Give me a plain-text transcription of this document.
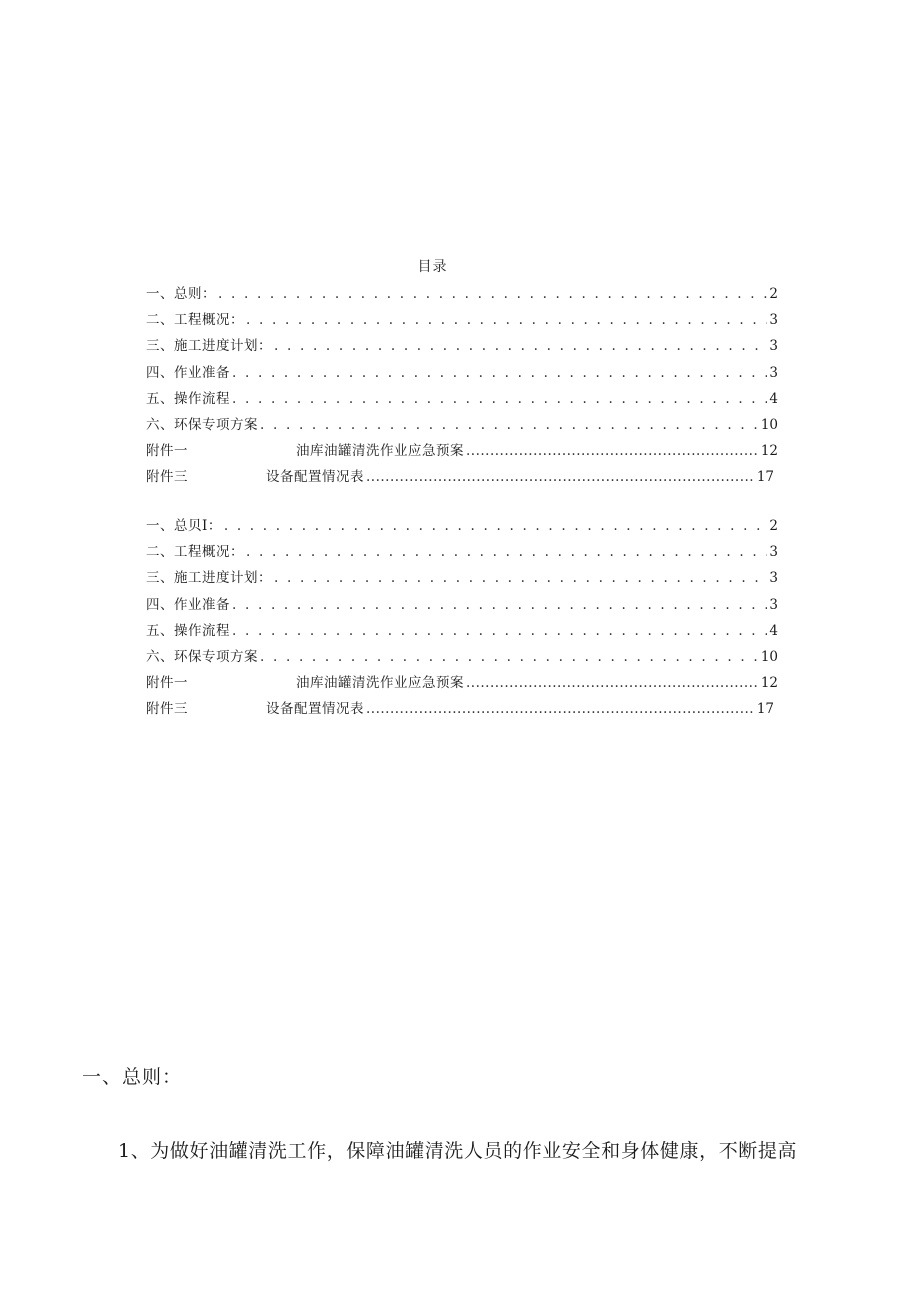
目录
一、总则： . . .	2
二、工程概况： . . .	3
三、施工进度计划： . . .	3
四、作业准备 . . .	3
五、操作流程 . . .	4
六、环保专项方案 . . .	10
附件一	油库油罐清洗作业应急预案 .....	12
附件三	设备配置情况表 .....	17
一、总贝I： . . .	2
二、工程概况： . . .	3
三、施工进度计划： . . .	3
四、作业准备 . . .	3
五、操作流程 . . .	4
六、环保专项方案 . . .	10
附件一	油库油罐清洗作业应急预案 .....	12
附件三	设备配置情况表 .....	17
一、总则：
1、为做好油罐清洗工作，保障油罐清洗人员的作业安全和身体健康，不断提高
